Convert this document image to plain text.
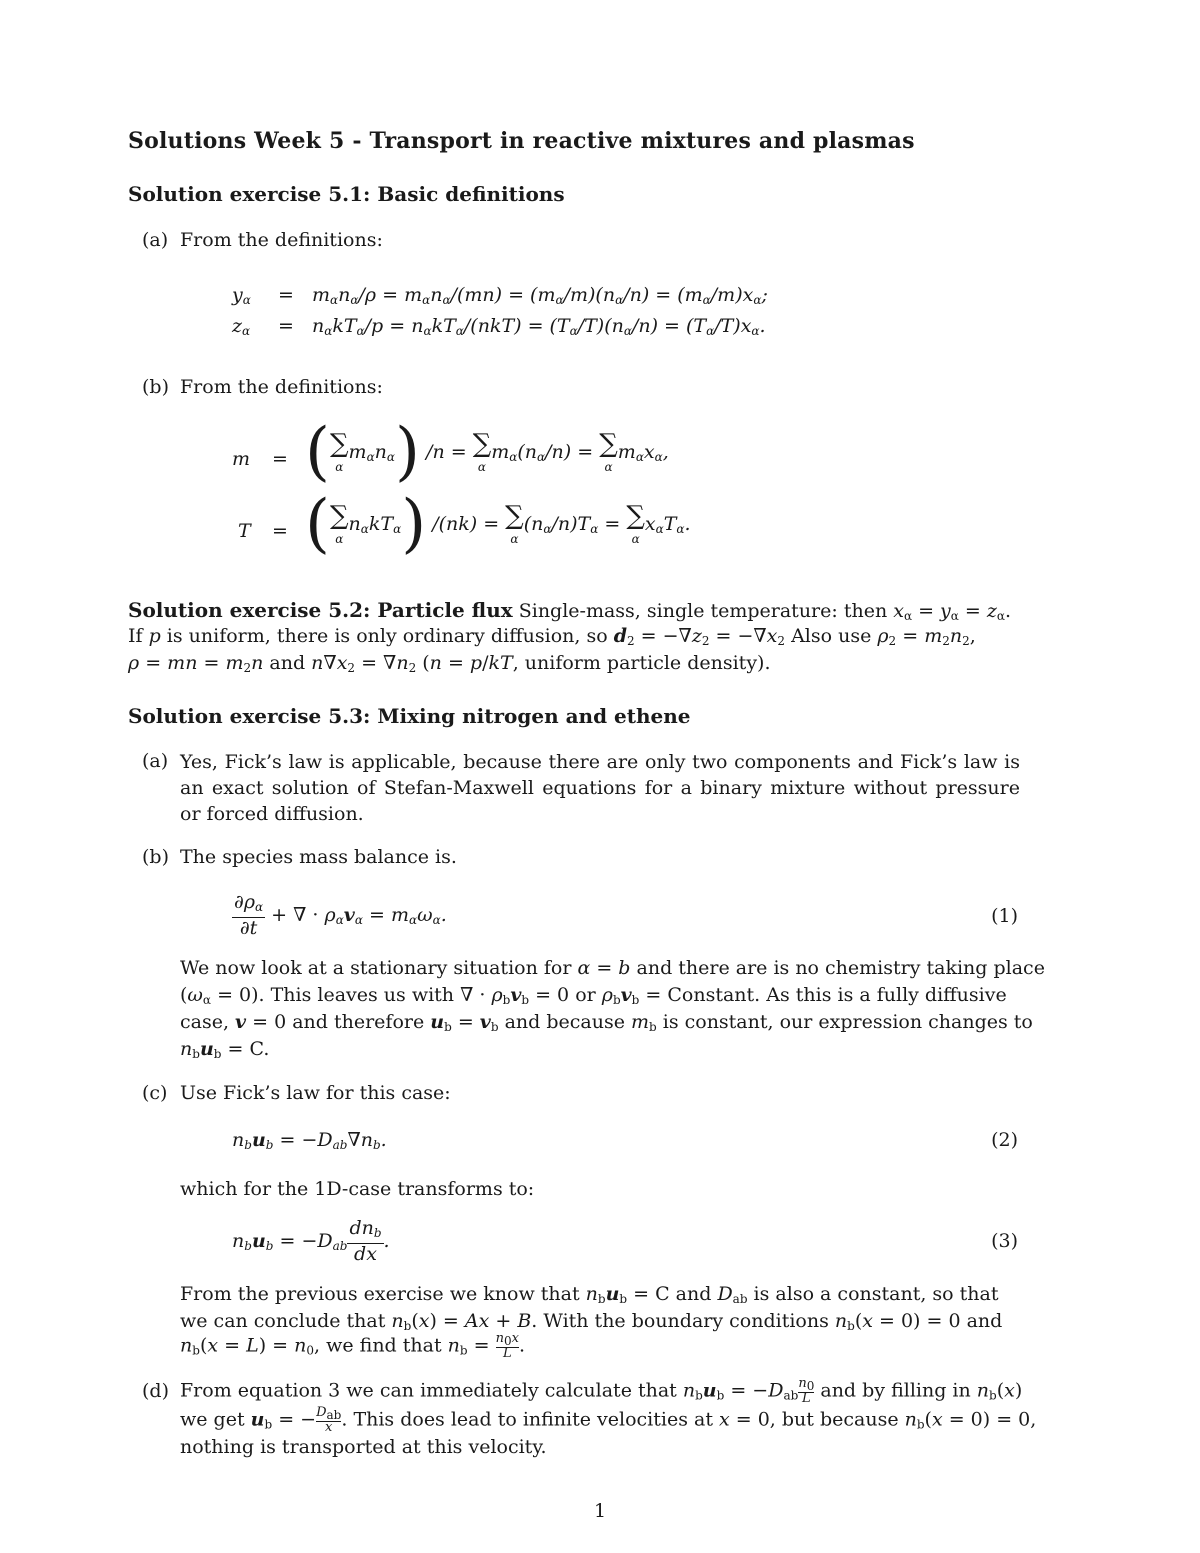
Solutions Week 5 - Transport in reactive mixtures and plasmas
Solution exercise 5.1: Basic definitions
(a) From the definitions:
$y_\alpha = m_\alpha n_\alpha/\rho = m_\alpha n_\alpha/(mn) = (m_\alpha/m)(n_\alpha/n) = (m_\alpha/m)x_\alpha$;
$z_\alpha = n_\alpha kT_\alpha/p = n_\alpha kT_\alpha/(nkT) = (T_\alpha/T)(n_\alpha/n) = (T_\alpha/T)x_\alpha$.
(b) From the definitions:
m = ( ∑
α
$m_\alpha n_\alpha$) /n = ∑
α
$m_\alpha(n_\alpha/n)$ = ∑
α
$m_\alpha x_\alpha$,
T = ( ∑
α
$n_\alpha kT_\alpha$) /(nk) = ∑
α
$(n_\alpha/n)T_\alpha$ = ∑
α
$x_\alpha T_\alpha$.
Solution exercise 5.2: Particle flux Single-mass, single temperature: then $x_\alpha = y_\alpha = z_\alpha$.
If p is uniform, there is only ordinary diffusion, so $d_2 = -\nabla z_2 = -\nabla x_2$ Also use $\rho_2 = m_2n_2$,
ρ = mn = $m_2n$ and $n\nabla x_2 = \nabla n_2$ (n = p/kT, uniform particle density).
Solution exercise 5.3: Mixing nitrogen and ethene
(a) Yes, Fick’s law is applicable, because there are only two components and Fick’s law is an exact solution of Stefan-Maxwell equations for a binary mixture without pressure or forced diffusion.
(b) The species mass balance is.
$\frac{\partial\rho_\alpha}{\partial t}$ + ∇ · $\rho_\alpha v_\alpha = m_\alpha\omega_\alpha$.	(1)
We now look at a stationary situation for α = b and there are is no chemistry taking place
$(\omega_\alpha = 0)$. This leaves us with ∇ · $\rho_bv_b = 0$ or $\rho_bv_b$ = Constant. As this is a fully diffusive
case, v = 0 and therefore $u_b = v_b$ and because $m_b$ is constant, our expression changes to
$n_bu_b = C$.
(c) Use Fick’s law for this case:
$n_bu_b = -D_{ab}\nabla n_b$.	(2)
which for the 1D-case transforms to:
$n_bu_b = -D_{ab} \frac{dn_b}{dx}$ .	(3)
From the previous exercise we know that $n_bu_b = C$ and $D_{ab}$ is also a constant, so that
we can conclude that $n_b(x) = Ax + B$. With the boundary conditions $n_b(x = 0) = 0$ and
$n_b(x = L) = n_0$, we find that $n_b = \frac{n_0x}{L}$ .
(d) From equation 3 we can immediately calculate that $n_bu_b = -D_{ab} \frac{n_0}{L}$ and by filling in $n_b(x)$
we get $u_b$ = − $D_{ab}$
x . This does lead to infinite velocities at x = 0, but because $n_b(x = 0) = 0$,
nothing is transported at this velocity.
1
